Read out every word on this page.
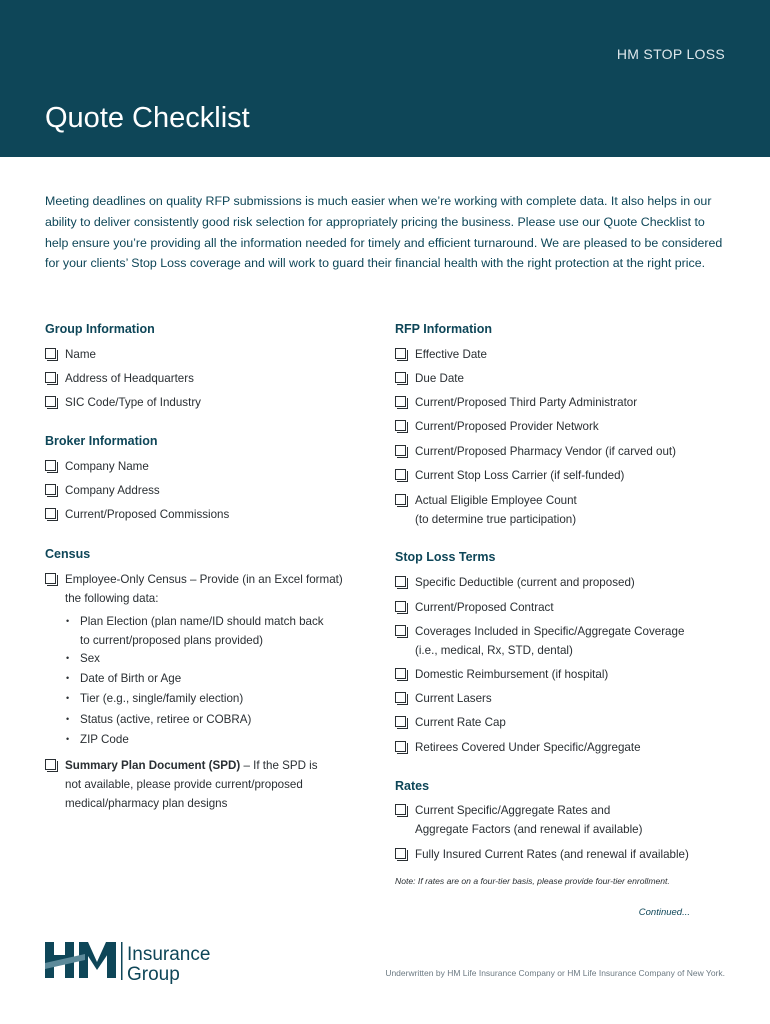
HM STOP LOSS
Quote Checklist

Meeting deadlines on quality RFP submissions is much easier when we’re working with complete data. It also helps in our ability to deliver consistently good risk selection for appropriately pricing the business. Please use our Quote Checklist to help ensure you’re providing all the information needed for timely and efficient turnaround. We are pleased to be considered for your clients’ Stop Loss coverage and will work to guard their financial health with the right protection at the right price.

Group Information
Name
Address of Headquarters
SIC Code/Type of Industry
Broker Information
Company Name
Company Address
Current/Proposed Commissions
Census
Employee-Only Census – Provide (in an Excel format)
the following data:
• Plan Election (plan name/ID should match back
to current/proposed plans provided)
• Sex
• Date of Birth or Age
• Tier (e.g., single/family election)
• Status (active, retiree or COBRA)
• ZIP Code
Summary Plan Document (SPD) – If the SPD is
not available, please provide current/proposed
medical/pharmacy plan designs
RFP Information
Effective Date
Due Date
Current/Proposed Third Party Administrator
Current/Proposed Provider Network
Current/Proposed Pharmacy Vendor (if carved out)
Current Stop Loss Carrier (if self-funded)
Actual Eligible Employee Count
(to determine true participation)
Stop Loss Terms
Specific Deductible (current and proposed)
Current/Proposed Contract
Coverages Included in Specific/Aggregate Coverage
(i.e., medical, Rx, STD, dental)
Domestic Reimbursement (if hospital)
Current Lasers
Current Rate Cap
Retirees Covered Under Specific/Aggregate
Rates
Current Specific/Aggregate Rates and
Aggregate Factors (and renewal if available)
Fully Insured Current Rates (and renewal if available)
Note: If rates are on a four-tier basis, please provide four-tier enrollment.
Continued...
Insurance
Group	Underwritten by HM Life Insurance Company or HM Life Insurance Company of New York.
